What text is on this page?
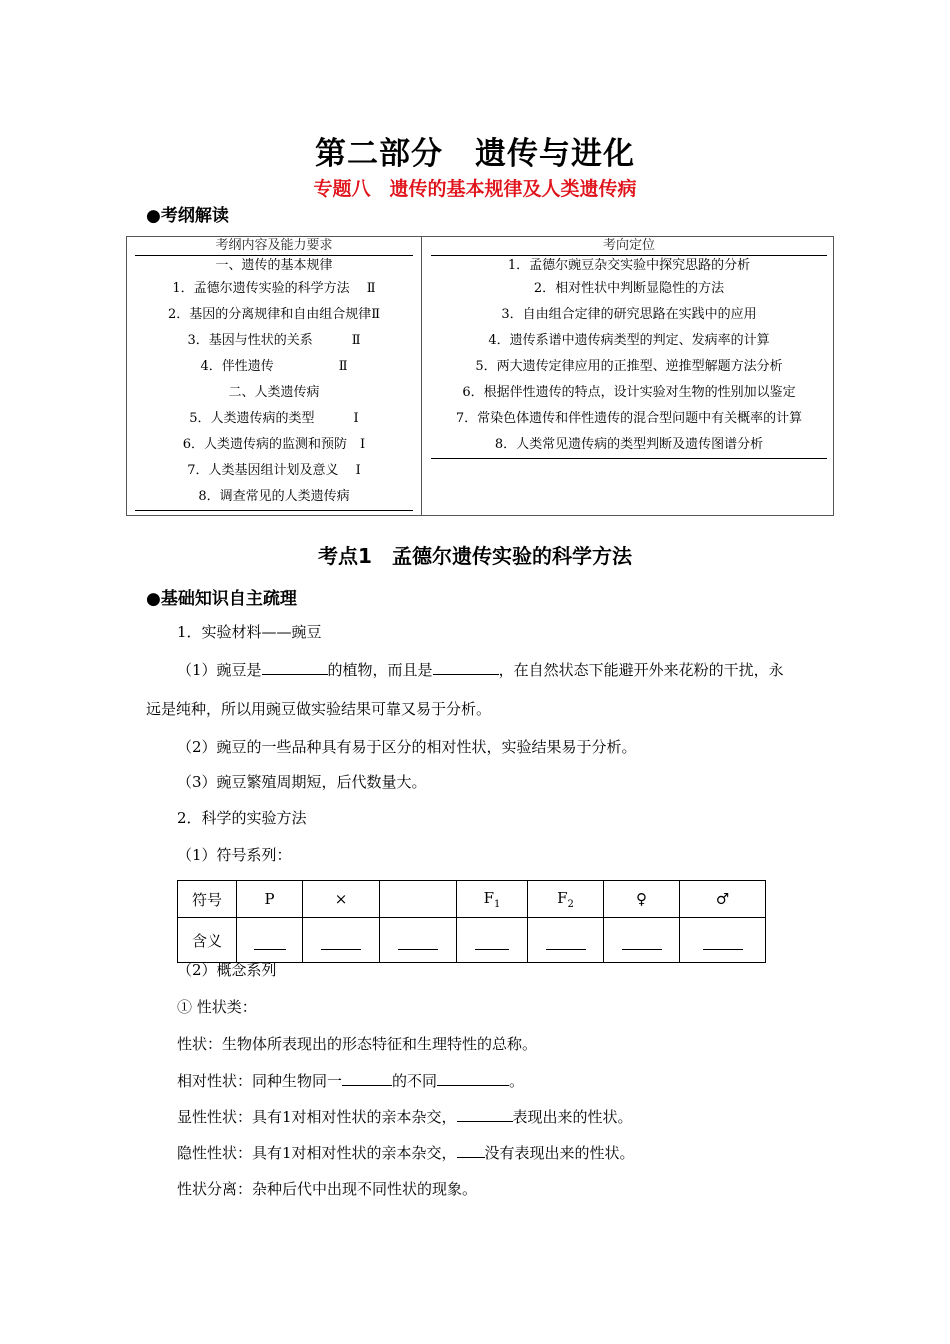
第二部分　遗传与进化
专题八　遗传的基本规律及人类遗传病
●考纲解读
考纲内容及能力要求
一、遗传的基本规律
1．孟德尔遗传实验的科学方法　 Ⅱ
2．基因的分离规律和自由组合规律Ⅱ
3．基因与性状的关系　　　Ⅱ
4．伴性遗传　　　　　Ⅱ
二、人类遗传病
5．人类遗传病的类型　　　Ⅰ
6．人类遗传病的监测和预防　Ⅰ
7．人类基因组计划及意义　 Ⅰ
8．调查常见的人类遗传病
考向定位
1．孟德尔豌豆杂交实验中探究思路的分析
2．相对性状中判断显隐性的方法
3．自由组合定律的研究思路在实践中的应用
4．遗传系谱中遗传病类型的判定、发病率的计算
5．两大遗传定律应用的正推型、逆推型解题方法分析
6．根据伴性遗传的特点，设计实验对生物的性别加以鉴定
7．常染色体遗传和伴性遗传的混合型问题中有关概率的计算
8．人类常见遗传病的类型判断及遗传图谱分析
考点1　孟德尔遗传实验的科学方法
●基础知识自主疏理
1．实验材料——豌豆
（1）豌豆是	的植物，而且是	，在自然状态下能避开外来花粉的干扰，永
远是纯种，所以用豌豆做实验结果可靠又易于分析。
（2）豌豆的一些品种具有易于区分的相对性状，实验结果易于分析。
（3）豌豆繁殖周期短，后代数量大。
2．科学的实验方法
（1）符号系列：
符号	P	×		$F_1$	$F_2$	♀	♂
含义							
（2）概念系列
① 性状类：
性状：生物体所表现出的形态特征和生理特性的总称。
相对性状：同种生物同一	的不同	。
显性性状：具有1对相对性状的亲本杂交，	表现出来的性状。
隐性性状：具有1对相对性状的亲本杂交， 没有表现出来的性状。
性状分离：杂种后代中出现不同性状的现象。
